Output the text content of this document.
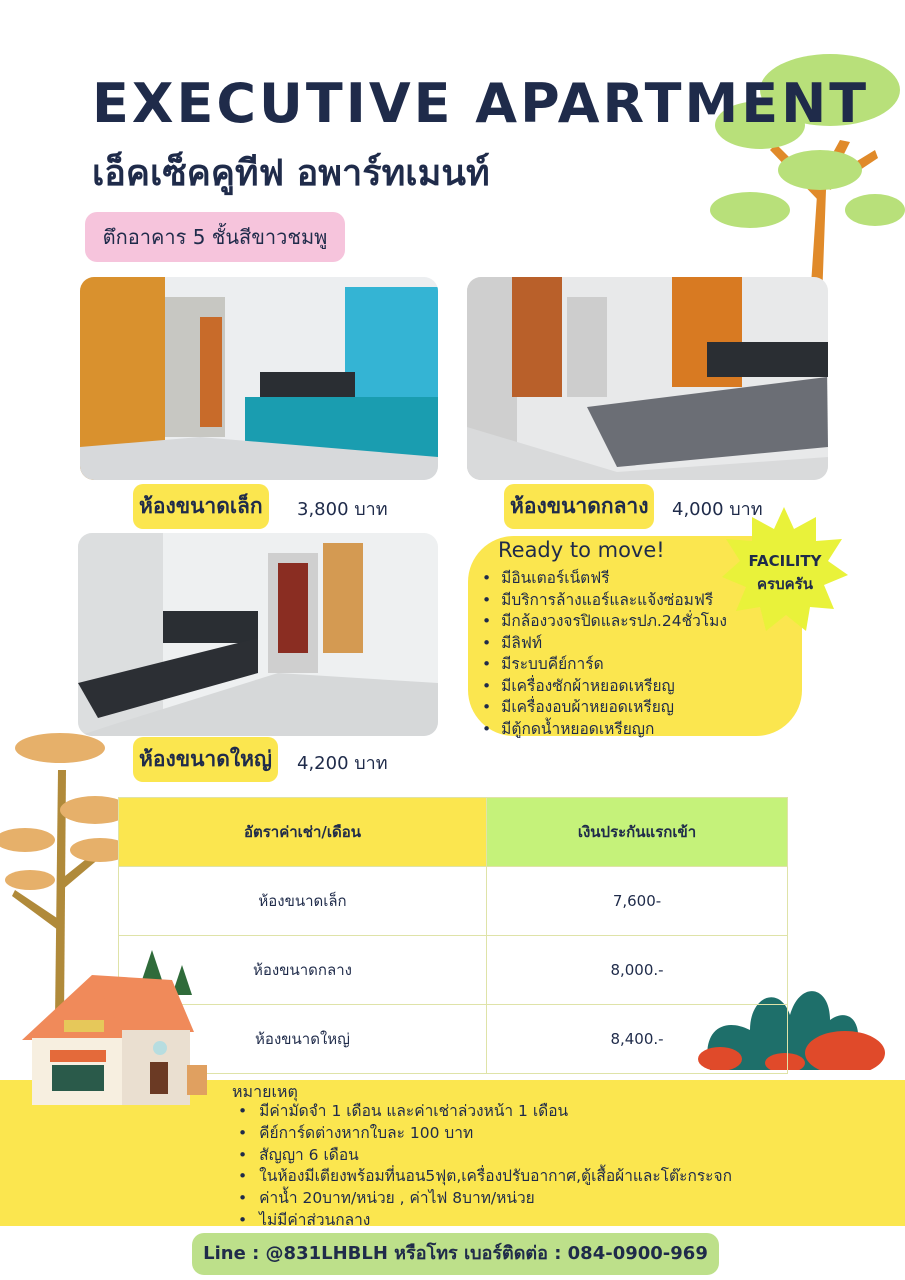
EXECUTIVE APARTMENT
เอ็คเซ็คคูทีฟ อพาร์ทเมนท์
ตึกอาคาร 5 ชั้นสีขาวชมพู
ห้องขนาดเล็ก	3,800 บาท	ห้องขนาดกลาง	4,000 บาท
ห้องขนาดใหญ่	4,200 บาท
Ready to move!
• มีอินเตอร์เน็ตฟรี
• มีบริการล้างแอร์และแจ้งซ่อมฟรี
• มีกล้องวงจรปิดและรปภ.24ชั่วโมง
• มีลิฟท์
• มีระบบคีย์การ์ด
• มีเครื่องซักผ้าหยอดเหรียญ
• มีเครื่องอบผ้าหยอดเหรียญ
• มีตู้กดน้ำหยอดเหรียญก
FACILITY
ครบครัน
อัตราค่าเช่า/เดือน	เงินประกันแรกเข้า
ห้องขนาดเล็ก	7,600-
ห้องขนาดกลาง	8,000.-
ห้องขนาดใหญ่	8,400.-
หมายเหตุ
• มีค่ามัดจำ 1 เดือน และค่าเช่าล่วงหน้า 1 เดือน
• คีย์การ์ดต่างหากใบละ 100 บาท
• สัญญา 6 เดือน
• ในห้องมีเตียงพร้อมที่นอน5ฟุต,เครื่องปรับอากาศ,ตู้เสื้อผ้าและโต๊ะกระจก
• ค่าน้ำ 20บาท/หน่วย , ค่าไฟ 8บาท/หน่วย
• ไม่มีค่าส่วนกลาง
Line : @831LHBLH หรือโทร เบอร์ติดต่อ : 084-0900-969
